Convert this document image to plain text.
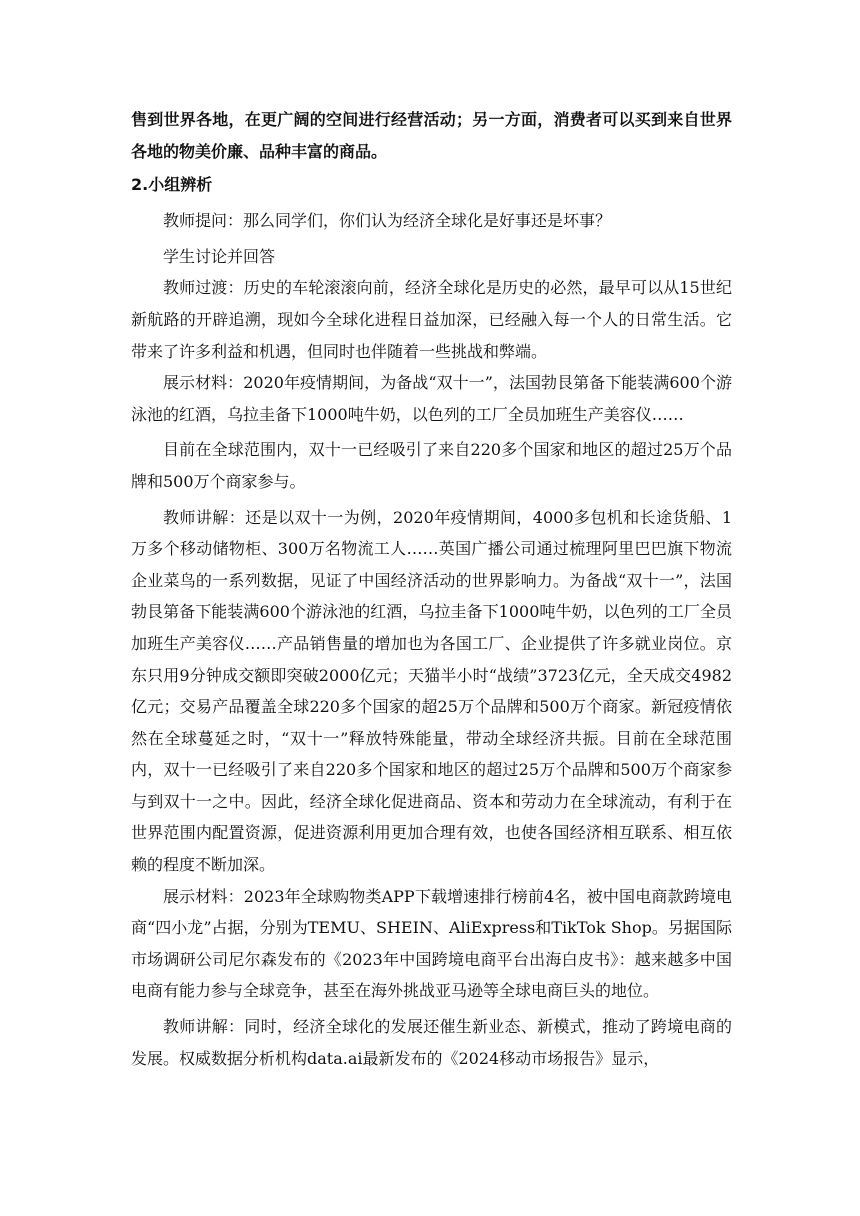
售到世界各地，在更广阔的空间进行经营活动；另一方面，消费者可以买到来自世界各地的物美价廉、品种丰富的商品。

2.小组辨析

教师提问：那么同学们，你们认为经济全球化是好事还是坏事？

学生讨论并回答

教师过渡：历史的车轮滚滚向前，经济全球化是历史的必然，最早可以从15世纪新航路的开辟追溯，现如今全球化进程日益加深，已经融入每一个人的日常生活。它带来了许多利益和机遇，但同时也伴随着一些挑战和弊端。

展示材料：2020年疫情期间，为备战“双十一”，法国勃艮第备下能装满600个游泳池的红酒，乌拉圭备下1000吨牛奶，以色列的工厂全员加班生产美容仪……

目前在全球范围内，双十一已经吸引了来自220多个国家和地区的超过25万个品牌和500万个商家参与。

教师讲解：还是以双十一为例，2020年疫情期间，4000多包机和长途货船、1万多个移动储物柜、300万名物流工人……英国广播公司通过梳理阿里巴巴旗下物流企业菜鸟的一系列数据，见证了中国经济活动的世界影响力。为备战“双十一”，法国勃艮第备下能装满600个游泳池的红酒，乌拉圭备下1000吨牛奶，以色列的工厂全员加班生产美容仪……产品销售量的增加也为各国工厂、企业提供了许多就业岗位。京东只用9分钟成交额即突破2000亿元；天猫半小时“战绩”3723亿元，全天成交4982亿元；交易产品覆盖全球220多个国家的超25万个品牌和500万个商家。新冠疫情依然在全球蔓延之时，“双十一”释放特殊能量，带动全球经济共振。目前在全球范围内，双十一已经吸引了来自220多个国家和地区的超过25万个品牌和500万个商家参与到双十一之中。因此，经济全球化促进商品、资本和劳动力在全球流动，有利于在世界范围内配置资源，促进资源利用更加合理有效，也使各国经济相互联系、相互依赖的程度不断加深。

展示材料：2023年全球购物类APP下载增速排行榜前4名，被中国电商款跨境电商“四小龙”占据，分别为TEMU、SHEIN、AliExpress和TikTok Shop。另据国际市场调研公司尼尔森发布的《2023年中国跨境电商平台出海白皮书》：越来越多中国电商有能力参与全球竞争，甚至在海外挑战亚马逊等全球电商巨头的地位。

教师讲解：同时，经济全球化的发展还催生新业态、新模式，推动了跨境电商的发展。权威数据分析机构data.ai最新发布的《2024移动市场报告》显示，
